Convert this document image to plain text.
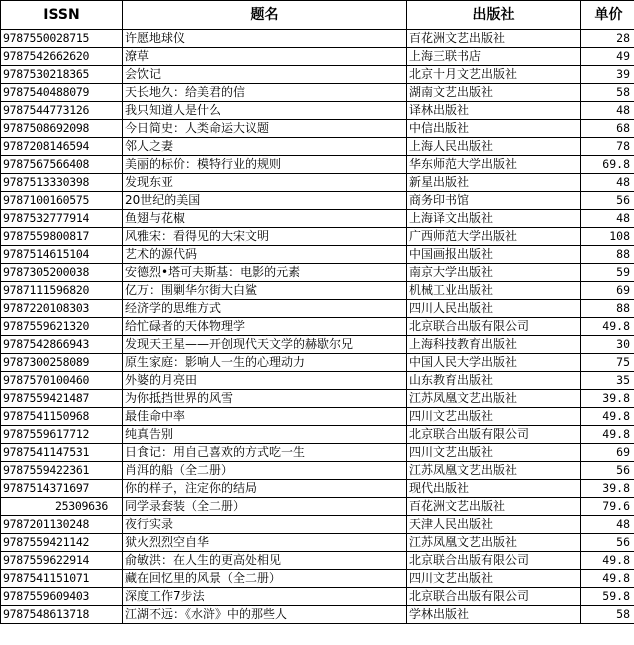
ISSN	题名	出版社	单价
9787550028715	许愿地球仪	百花洲文艺出版社	28
9787542662620	潦草	上海三联书店	49
9787530218365	会饮记	北京十月文艺出版社	39
9787540488079	天长地久：给美君的信	湖南文艺出版社	58
9787544773126	我只知道人是什么	译林出版社	48
9787508692098	今日简史：人类命运大议题	中信出版社	68
9787208146594	邻人之妻	上海人民出版社	78
9787567566408	美丽的标价：模特行业的规则	华东师范大学出版社	69.8
9787513330398	发现东亚	新星出版社	48
9787100160575	20世纪的美国	商务印书馆	56
9787532777914	鱼翅与花椒	上海译文出版社	48
9787559800817	风雅宋：看得见的大宋文明	广西师范大学出版社	108
9787514615104	艺术的源代码	中国画报出版社	88
9787305200038	安德烈•塔可夫斯基：电影的元素	南京大学出版社	59
9787111596820	亿万：围剿华尔街大白鲨	机械工业出版社	69
9787220108303	经济学的思维方式	四川人民出版社	88
9787559621320	给忙碌者的天体物理学	北京联合出版有限公司	49.8
9787542866943	发现天王星——开创现代天文学的赫歇尔兄	上海科技教育出版社	30
9787300258089	原生家庭：影响人一生的心理动力	中国人民大学出版社	75
9787570100460	外婆的月亮田	山东教育出版社	35
9787559421487	为你抵挡世界的风雪	江苏凤凰文艺出版社	39.8
9787541150968	最佳命中率	四川文艺出版社	49.8
9787559617712	纯真告别	北京联合出版有限公司	49.8
9787541147531	日食记：用自己喜欢的方式吃一生	四川文艺出版社	69
9787559422361	肖洱的船（全二册）	江苏凤凰文艺出版社	56
9787514371697	你的样子，注定你的结局	现代出版社	39.8
25309636	同学录套装（全二册）	百花洲文艺出版社	79.6
9787201130248	夜行实录	天津人民出版社	48
9787559421142	狱火烈烈空自华	江苏凤凰文艺出版社	56
9787559622914	俞敏洪：在人生的更高处相见	北京联合出版有限公司	49.8
9787541151071	藏在回忆里的风景（全二册）	四川文艺出版社	49.8
9787559609403	深度工作7步法	北京联合出版有限公司	59.8
9787548613718	江湖不远：《水浒》中的那些人	学林出版社	58
